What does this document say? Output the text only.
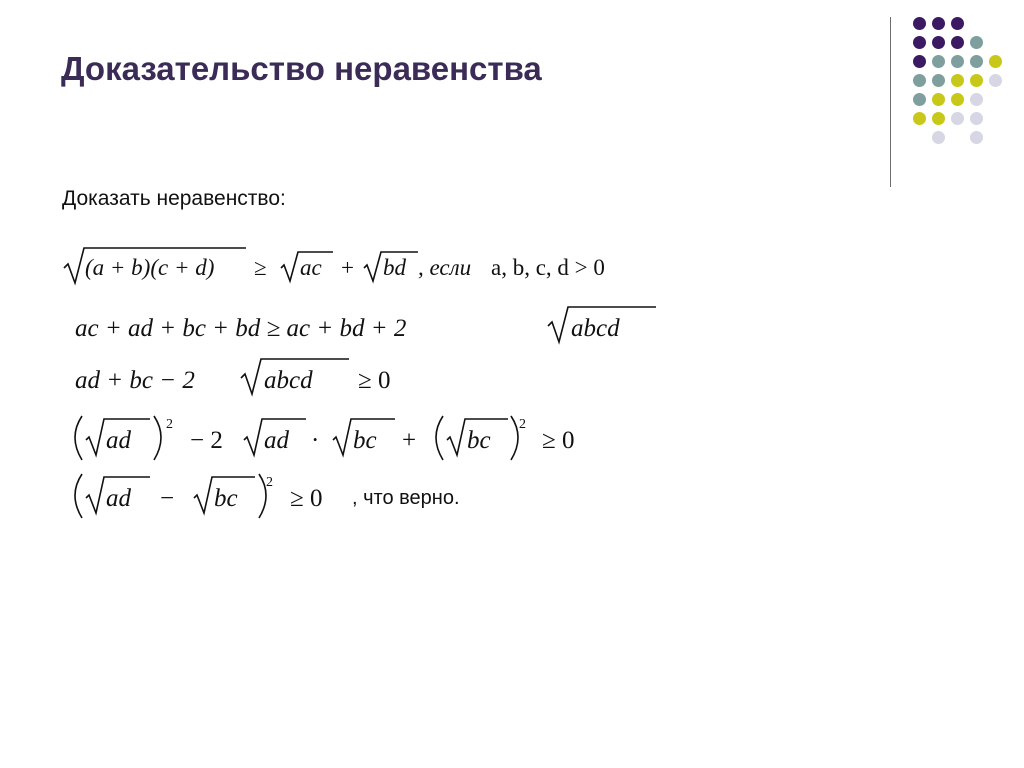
Доказательство неравенства
Доказать неравенство:
(a + b)(c + d) ≥ ac + bd , если a, b, c, d > 0
ac + ad + bc + bd ≥ ac + bd + 2	abcd
ad + bc − 2	abcd ≥ 0
ad
2
− 2 ad · bc + bc
2
≥ 0
ad − bc
2
≥ 0 , что верно.
